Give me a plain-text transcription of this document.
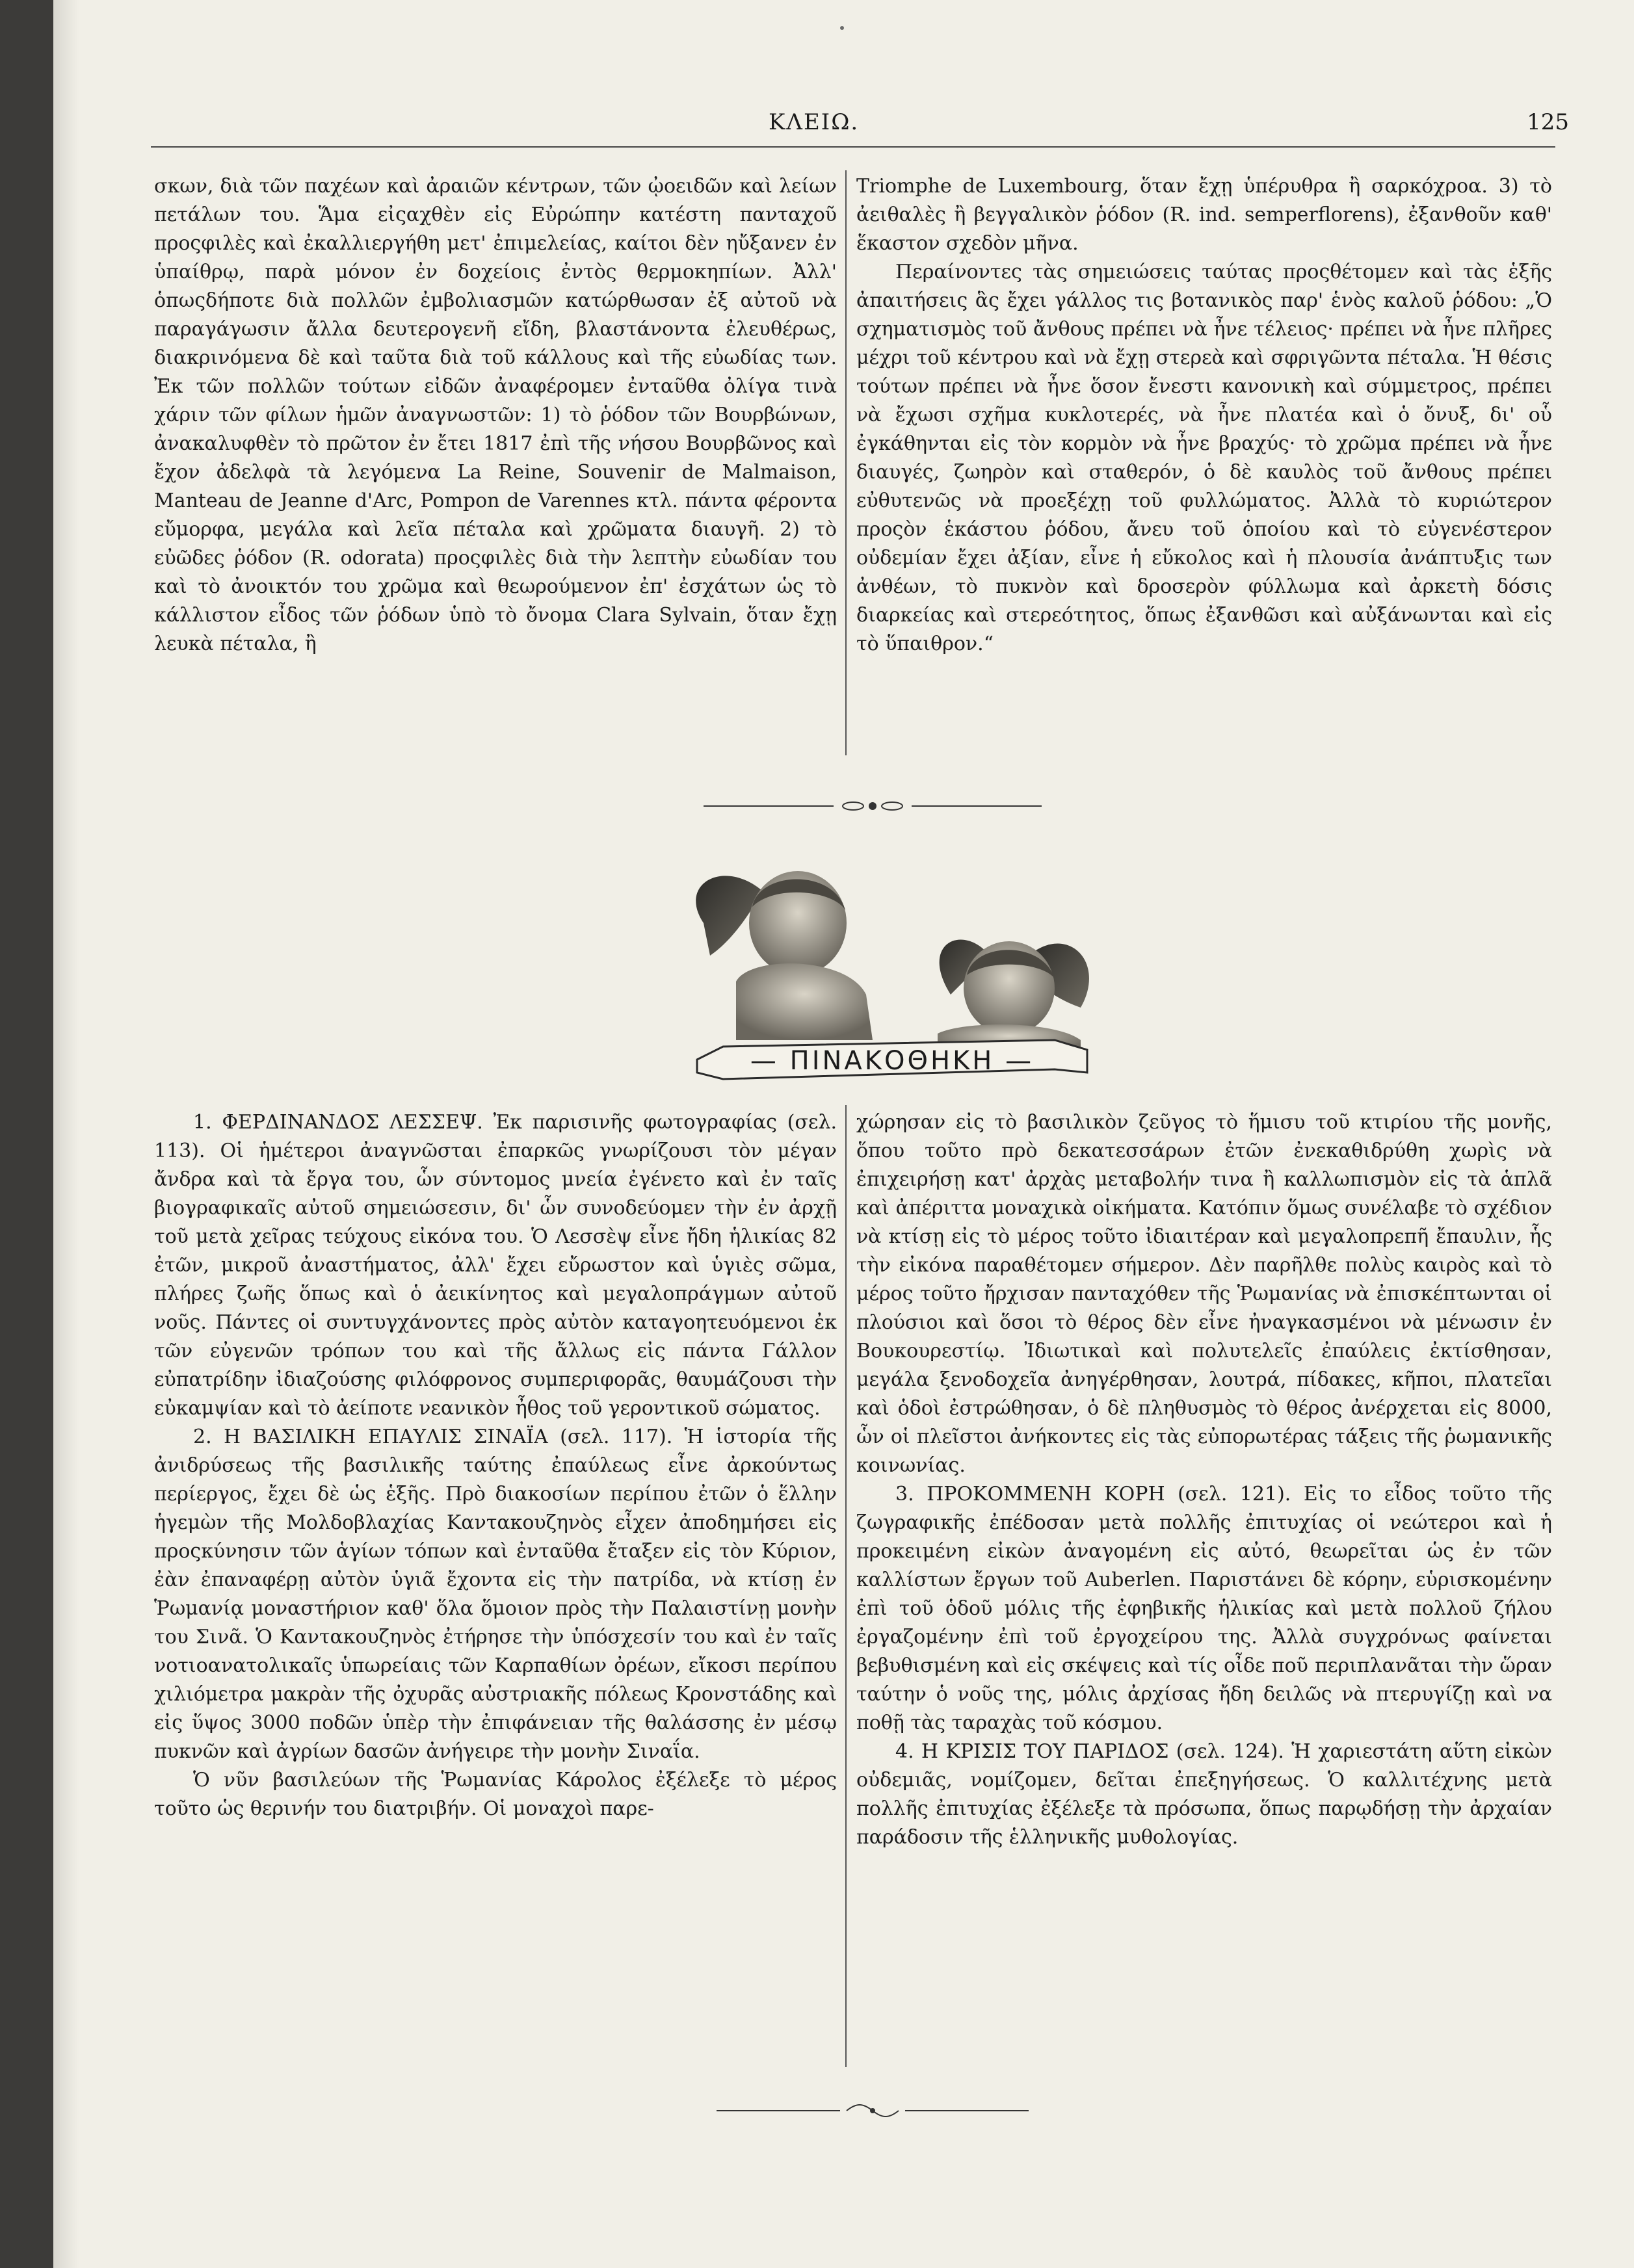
ΚΛΕΙΩ.	125

σκων, διὰ τῶν παχέων καὶ ἀραιῶν κέντρων, τῶν ᾠοειδῶν καὶ λείων πετάλων του. Ἅμα εἰςαχθὲν εἰς Εὐρώπην κατέστη πανταχοῦ προςφιλὲς καὶ ἐκαλλιεργήθη μετ' ἐπιμελείας, καίτοι δὲν ηὔξανεν ἐν ὑπαίθρῳ, παρὰ μόνον ἐν δοχείοις ἐντὸς θερμοκηπίων. Ἀλλ' ὁπωςδήποτε διὰ πολλῶν ἐμβολιασμῶν κατώρθωσαν ἐξ αὐτοῦ νὰ παραγάγωσιν ἄλλα δευτερογενῆ εἴδη, βλαστάνοντα ἐλευθέρως, διακρινόμενα δὲ καὶ ταῦτα διὰ τοῦ κάλλους καὶ τῆς εὐωδίας των. Ἐκ τῶν πολλῶν τούτων εἰδῶν ἀναφέρομεν ἐνταῦθα ὀλίγα τινὰ χάριν τῶν φίλων ἡμῶν ἀναγνωστῶν: 1) τὸ ῥόδον τῶν Βουρβώνων, ἀνακαλυφθὲν τὸ πρῶτον ἐν ἔτει 1817 ἐπὶ τῆς νήσου Βουρβῶνος καὶ ἔχον ἀδελφὰ τὰ λεγόμενα La Reine, Souvenir de Malmaison, Manteau de Jeanne d'Arc, Pompon de Varennes κτλ. πάντα φέροντα εὔμορφα, μεγάλα καὶ λεῖα πέταλα καὶ χρῶματα διαυγῆ. 2) τὸ εὐῶδες ῥόδον (R. odorata) προςφιλὲς διὰ τὴν λεπτὴν εὐωδίαν του καὶ τὸ ἀνοικτόν του χρῶμα καὶ θεωρούμενον ἐπ' ἐσχάτων ὡς τὸ κάλλιστον εἶδος τῶν ῥόδων ὑπὸ τὸ ὄνομα Clara Sylvain, ὅταν ἔχῃ λευκὰ πέταλα, ἢ

Triomphe de Luxembourg, ὅταν ἔχῃ ὑπέρυθρα ἢ σαρκόχροα. 3) τὸ ἀειθαλὲς ἢ βεγγαλικὸν ῥόδον (R. ind. semperflorens), ἐξανθοῦν καθ' ἕκαστον σχεδὸν μῆνα.

Περαίνοντες τὰς σημειώσεις ταύτας προςθέτομεν καὶ τὰς ἑξῆς ἀπαιτήσεις ἃς ἔχει γάλλος τις βοτανικὸς παρ' ἑνὸς καλοῦ ῥόδου: „Ὁ σχηματισμὸς τοῦ ἄνθους πρέπει νὰ ἦνε τέλειος· πρέπει νὰ ἦνε πλῆρες μέχρι τοῦ κέντρου καὶ νὰ ἔχῃ στερεὰ καὶ σφριγῶντα πέταλα. Ἡ θέσις τούτων πρέπει νὰ ἦνε ὅσον ἔνεστι κανονικὴ καὶ σύμμετρος, πρέπει νὰ ἔχωσι σχῆμα κυκλοτερές, νὰ ἦνε πλατέα καὶ ὁ ὄνυξ, δι' οὗ ἐγκάθηνται εἰς τὸν κορμὸν νὰ ἦνε βραχύς· τὸ χρῶμα πρέπει νὰ ἦνε διαυγές, ζωηρὸν καὶ σταθερόν, ὁ δὲ καυλὸς τοῦ ἄνθους πρέπει εὐθυτενῶς νὰ προεξέχῃ τοῦ φυλλώματος. Ἀλλὰ τὸ κυριώτερον προςὸν ἑκάστου ῥόδου, ἄνευ τοῦ ὁποίου καὶ τὸ εὐγενέστερον οὐδεμίαν ἔχει ἀξίαν, εἶνε ἡ εὔκολος καὶ ἡ πλουσία ἀνάπτυξις των ἀνθέων, τὸ πυκνὸν καὶ δροσερὸν φύλλωμα καὶ ἀρκετὴ δόσις διαρκείας καὶ στερεότητος, ὅπως ἐξανθῶσι καὶ αὐξάνωνται καὶ εἰς τὸ ὕπαιθρον.“

— ΠΙΝΑΚΟΘΗΚΗ —

1. ΦΕΡΔΙΝΑΝΔΟΣ ΛΕΣΣΕΨ. Ἐκ παρισινῆς φωτογραφίας (σελ. 113). Οἱ ἡμέτεροι ἀναγνῶσται ἐπαρκῶς γνωρίζουσι τὸν μέγαν ἄνδρα καὶ τὰ ἔργα του, ὧν σύντομος μνεία ἐγένετο καὶ ἐν ταῖς βιογραφικαῖς αὐτοῦ σημειώσεσιν, δι' ὧν συνοδεύομεν τὴν ἐν ἀρχῇ τοῦ μετὰ χεῖρας τεύχους εἰκόνα του. Ὁ Λεσσὲψ εἶνε ἤδη ἡλικίας 82 ἐτῶν, μικροῦ ἀναστήματος, ἀλλ' ἔχει εὔρωστον καὶ ὑγιὲς σῶμα, πλήρες ζωῆς ὅπως καὶ ὁ ἀεικίνητος καὶ μεγαλοπράγμων αὐτοῦ νοῦς. Πάντες οἱ συντυγχάνοντες πρὸς αὐτὸν καταγοητευόμενοι ἐκ τῶν εὐγενῶν τρόπων του καὶ τῆς ἄλλως εἰς πάντα Γάλλον εὐπατρίδην ἰδιαζούσης φιλόφρονος συμπεριφορᾶς, θαυμάζουσι τὴν εὐκαμψίαν καὶ τὸ ἀείποτε νεανικὸν ἦθος τοῦ γεροντικοῦ σώματος.

2. Η ΒΑΣΙΛΙΚΗ ΕΠΑΥΛΙΣ ΣΙΝΑΪΑ (σελ. 117). Ἡ ἱστορία τῆς ἀνιδρύσεως τῆς βασιλικῆς ταύτης ἐπαύλεως εἶνε ἀρκούντως περίεργος, ἔχει δὲ ὡς ἑξῆς. Πρὸ διακοσίων περίπου ἐτῶν ὁ ἕλλην ἡγεμὼν τῆς Μολδοβλαχίας Καντακουζηνὸς εἶχεν ἀποδημήσει εἰς προςκύνησιν τῶν ἁγίων τόπων καὶ ἐνταῦθα ἔταξεν εἰς τὸν Κύριον, ἐὰν ἐπαναφέρῃ αὐτὸν ὑγιᾶ ἔχοντα εἰς τὴν πατρίδα, νὰ κτίσῃ ἐν Ῥωμανίᾳ μοναστήριον καθ' ὅλα ὅμοιον πρὸς τὴν Παλαιστίνῃ μονὴν του Σινᾶ. Ὁ Καντακουζηνὸς ἐτήρησε τὴν ὑπόσχεσίν του καὶ ἐν ταῖς νοτιοανατολικαῖς ὑπωρείαις τῶν Καρπαθίων ὀρέων, εἴκοσι περίπου χιλιόμετρα μακρὰν τῆς ὀχυρᾶς αὐστριακῆς πόλεως Κρονστάδης καὶ εἰς ὕψος 3000 ποδῶν ὑπὲρ τὴν ἐπιφάνειαν τῆς θαλάσσης ἐν μέσῳ πυκνῶν καὶ ἀγρίων δασῶν ἀνήγειρε τὴν μονὴν Σιναΐα.

Ὁ νῦν βασιλεύων τῆς Ῥωμανίας Κάρολος ἐξέλεξε τὸ μέρος τοῦτο ὡς θερινήν του διατριβήν. Οἱ μοναχοὶ παρε-

χώρησαν εἰς τὸ βασιλικὸν ζεῦγος τὸ ἥμισυ τοῦ κτιρίου τῆς μονῆς, ὅπου τοῦτο πρὸ δεκατεσσάρων ἐτῶν ἐνεκαθιδρύθη χωρὶς νὰ ἐπιχειρήσῃ κατ' ἀρχὰς μεταβολήν τινα ἢ καλλωπισμὸν εἰς τὰ ἁπλᾶ καὶ ἀπέριττα μοναχικὰ οἰκήματα. Κατόπιν ὅμως συνέλαβε τὸ σχέδιον νὰ κτίσῃ εἰς τὸ μέρος τοῦτο ἰδιαιτέραν καὶ μεγαλοπρεπῆ ἔπαυλιν, ἧς τὴν εἰκόνα παραθέτομεν σήμερον. Δὲν παρῆλθε πολὺς καιρὸς καὶ τὸ μέρος τοῦτο ἤρχισαν πανταχόθεν τῆς Ῥωμανίας νὰ ἐπισκέπτωνται οἱ πλούσιοι καὶ ὅσοι τὸ θέρος δὲν εἶνε ἠναγκασμένοι νὰ μένωσιν ἐν Βουκουρεστίῳ. Ἰδιωτικαὶ καὶ πολυτελεῖς ἐπαύλεις ἐκτίσθησαν, μεγάλα ξενοδοχεῖα ἀνηγέρθησαν, λουτρά, πίδακες, κῆποι, πλατεῖαι καὶ ὁδοὶ ἐστρώθησαν, ὁ δὲ πληθυσμὸς τὸ θέρος ἀνέρχεται εἰς 8000, ὧν οἱ πλεῖστοι ἀνήκοντες εἰς τὰς εὐπορωτέρας τάξεις τῆς ῥωμανικῆς κοινωνίας.

3. ΠΡΟΚΟΜΜΕΝΗ ΚΟΡΗ (σελ. 121). Εἰς το εἶδος τοῦτο τῆς ζωγραφικῆς ἐπέδοσαν μετὰ πολλῆς ἐπιτυχίας οἱ νεώτεροι καὶ ἡ προκειμένη εἰκὼν ἀναγομένη εἰς αὐτό, θεωρεῖται ὡς ἐν τῶν καλλίστων ἔργων τοῦ Auberlen. Παριστάνει δὲ κόρην, εὑρισκομένην ἐπὶ τοῦ ὁδοῦ μόλις τῆς ἐφηβικῆς ἡλικίας καὶ μετὰ πολλοῦ ζήλου ἐργαζομένην ἐπὶ τοῦ ἐργοχείρου της. Ἀλλὰ συγχρόνως φαίνεται βεβυθισμένη καὶ εἰς σκέψεις καὶ τίς οἶδε ποῦ περιπλανᾶται τὴν ὥραν ταύτην ὁ νοῦς της, μόλις ἀρχίσας ἤδη δειλῶς νὰ πτερυγίζῃ καὶ να ποθῇ τὰς ταραχὰς τοῦ κόσμου.

4. Η ΚΡΙΣΙΣ ΤΟΥ ΠΑΡΙΔΟΣ (σελ. 124). Ἡ χαριεστάτη αὕτη εἰκὼν οὐδεμιᾶς, νομίζομεν, δεῖται ἐπεξηγήσεως. Ὁ καλλιτέχνης μετὰ πολλῆς ἐπιτυχίας ἐξέλεξε τὰ πρόσωπα, ὅπως παρῳδήσῃ τὴν ἀρχαίαν παράδοσιν τῆς ἑλληνικῆς μυθολογίας.
